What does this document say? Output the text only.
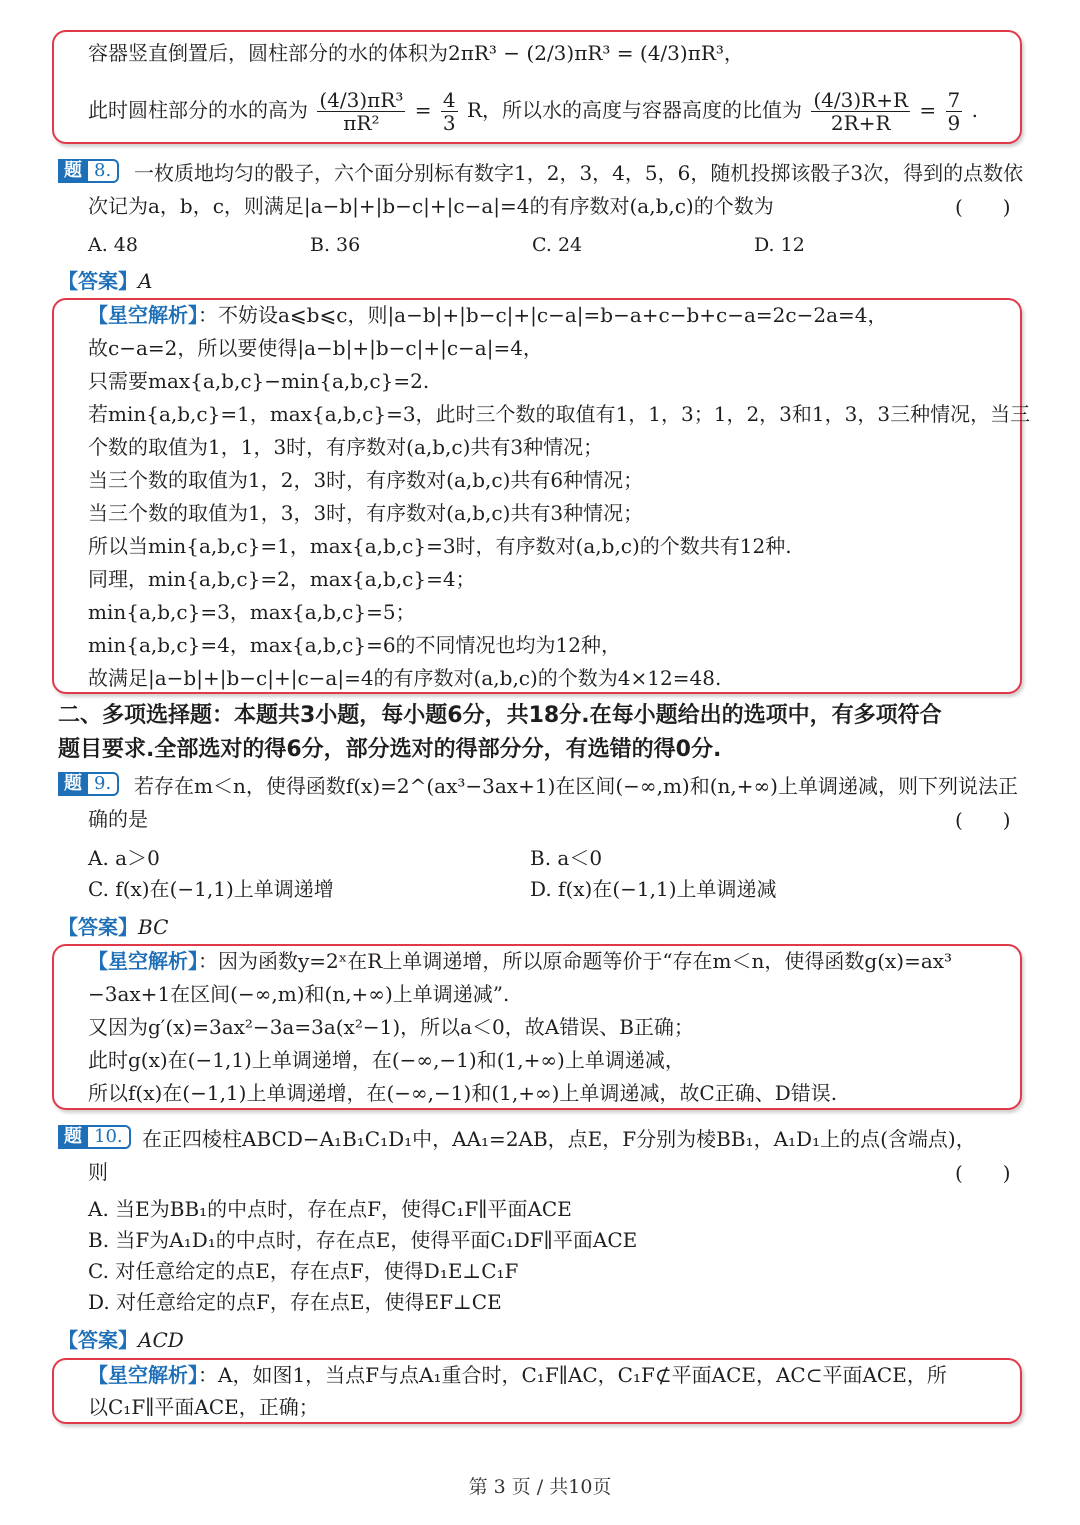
容器竖直倒置后，圆柱部分的水的体积为2πR³ − (2/3)πR³ = (4/3)πR³，
此时圆柱部分的水的高为 $\frac{\text{(4/3)πR³}}{\text{πR²}} = \frac{4}{3}$ R，所以水的高度与容器高度的比值为 $\frac{(4/3)R+R}{2R+R} = \frac{7}{9}$ .
题 8.	一枚质地均匀的骰子，六个面分别标有数字1，2，3，4，5，6，随机投掷该骰子3次，得到的点数依
次记为a，b，c，则满足|a−b|+|b−c|+|c−a|=4的有序数对(a,b,c)的个数为	(　　)
A. 48	B. 36	C. 24	D. 12
【答案】A
【星空解析】：不妨设a⩽b⩽c，则|a−b|+|b−c|+|c−a|=b−a+c−b+c−a=2c−2a=4，
故c−a=2，所以要使得|a−b|+|b−c|+|c−a|=4，
只需要max{a,b,c}−min{a,b,c}=2.
若min{a,b,c}=1，max{a,b,c}=3，此时三个数的取值有1，1，3；1，2，3和1，3，3三种情况，当三
个数的取值为1，1，3时，有序数对(a,b,c)共有3种情况；
当三个数的取值为1，2，3时，有序数对(a,b,c)共有6种情况；
当三个数的取值为1，3，3时，有序数对(a,b,c)共有3种情况；
所以当min{a,b,c}=1，max{a,b,c}=3时，有序数对(a,b,c)的个数共有12种.
同理，min{a,b,c}=2，max{a,b,c}=4；
min{a,b,c}=3，max{a,b,c}=5；
min{a,b,c}=4，max{a,b,c}=6的不同情况也均为12种，
故满足|a−b|+|b−c|+|c−a|=4的有序数对(a,b,c)的个数为4×12=48.
二、多项选择题：本题共3小题，每小题6分，共18分.在每小题给出的选项中，有多项符合
题目要求.全部选对的得6分，部分选对的得部分分，有选错的得0分.
题 9.	若存在m＜n，使得函数f(x)=2^(ax³−3ax+1)在区间(−∞,m)和(n,+∞)上单调递减，则下列说法正
确的是	(　　)
A. a＞0	B. a＜0
C. f(x)在(−1,1)上单调递增	D. f(x)在(−1,1)上单调递减
【答案】BC
【星空解析】：因为函数y=2ˣ在R上单调递增，所以原命题等价于“存在m＜n，使得函数g(x)=ax³
−3ax+1在区间(−∞,m)和(n,+∞)上单调递减”.
又因为g′(x)=3ax²−3a=3a(x²−1)，所以a＜0，故A错误、B正确；
此时g(x)在(−1,1)上单调递增，在(−∞,−1)和(1,+∞)上单调递减，
所以f(x)在(−1,1)上单调递增，在(−∞,−1)和(1,+∞)上单调递减，故C正确、D错误.
题 10. 在正四棱柱ABCD−A₁B₁C₁D₁中，AA₁=2AB，点E，F分别为棱BB₁，A₁D₁上的点(含端点)，
则	(　　)
A. 当E为BB₁的中点时，存在点F，使得C₁F∥平面ACE
B. 当F为A₁D₁的中点时，存在点E，使得平面C₁DF∥平面ACE
C. 对任意给定的点E，存在点F，使得D₁E⊥C₁F
D. 对任意给定的点F，存在点E，使得EF⊥CE
【答案】ACD
【星空解析】：A，如图1，当点F与点A₁重合时，C₁F∥AC，C₁F⊄平面ACE，AC⊂平面ACE，所
以C₁F∥平面ACE，正确；
第 3 页 / 共10页
